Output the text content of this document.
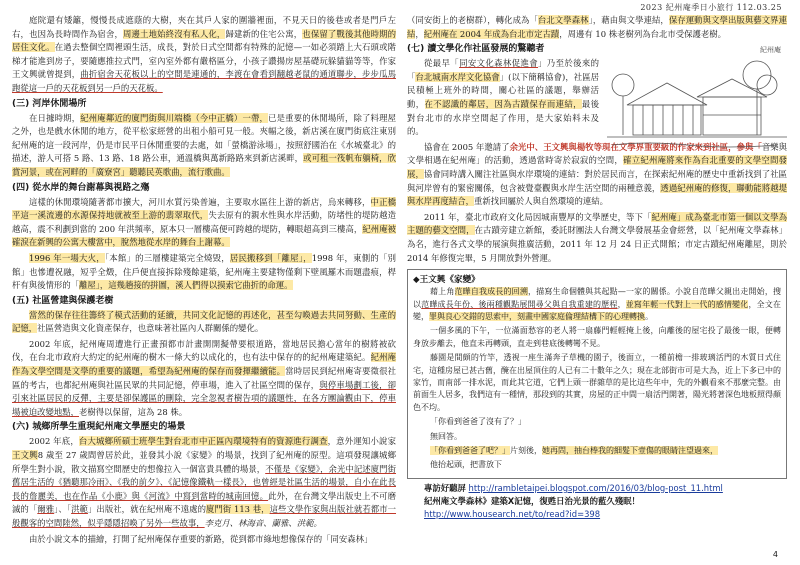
2023 紀州庵季日小旅行 112.03.25

庭院還有矮籬，慢慢長成遮蔭的大樹，夾在其戶人家的圍牆裡面，不見天日的後巷或者是門戶左右，也因為長時間作為宿舍，周邊土地始終沒有私人化，歸建新的住宅公寓，也保留了戰後其他時期的居住文化。在過去整個空間裡頭生活，成長，對於日式空間都有特殊的記憶—一如必須踏上大石頭或階梯才能進到房子，要隨應推拉式門，室內室外都有嚴格區分，小孩子讚揚房屋基礎玩躲貓貓等等，作家王文興就曾提到，曲折宿舍天花板以上的空間是連通的，李渡在會看到翻越老鼠的通道聯步，步步瓜馬跑從這一戶的天花板到另一戶的天花板。

(三) 河岸休閒場所

在日據時期，紀州庵鄰近的廈門街與川端橋（今中正橋）一帶，已是重要的休閒場所，除了料理屋之外，也是戲水休閒的地方，從平松家經營的出租小船可見一般。夾幅之後，新店溪在廈門街底注東別紀州庵的這一段河岸，仍是市民平日休閒重要的去處，如「螢橋游泳場」，按照舒國治在《水城臺北》的描述，游人可搭 5 路、13 路、18 路公車，通溫橋與萬新路路來到新店溪畔，或可租一筏帆布躺椅，欣賞河景，或在河畔的「廣寮宮」聽聽民英歌曲，流行歌曲。

(四) 從水岸的舞台謝幕與視路之殤

這樣的休閒環境隨著都市擴大，河川水質污染普遍，主要取水區往上游的新店，烏來轉移，中正橋平這一溪流邊的水源保持地就被至上游的翡翠取代，失去原有的親水性與水岸活動，防堵性的堤防越造越高，震不利劃到當的 200 年洪頻率，原本只一層樓高便可跨越的堤防，轉眼超高到三樓高，紀州庵被確淚在新興的公寓大樓當中，脫然地從水岸的舞台上謝幕。

1996 年一場大火，「本館」的三層樓建築完全燒毀，居民搬移到「離屋」，1998 年，東側的「別館」也慘遭祝融，短乎全燬，住戶便直接拆除殘餘建築，紀州庵主要建物僅剩下壁風羅木而題盡痕，桿杆有與後情形的「離屋」，這幾趟接的拼圖，溪人們得以摸索它曲折的命運。

(五) 社區營建與保護老樹

當然的保存往往籌終了模式活動的延續，共同文化記憶的再述化，甚至勾喚過去共同努動、生產的記憶，社區營造與文化資產保存，也意味著社區內人群關係的變化。

2002 年底，紀州庵周遭進行正畫預都市計畫開開擬帶要根道路，當地居民擔心當年的樹將被砍伐，在台北市政府大約定的紀州庵的樹木一條大約以成化的，也有法中保存的的紀州庵建築紀。紀州庵作為文學空間是文學的重要的議題，希望為紀州庵的保存而發揮繼續能。當時居民到紀州庵寄要徵很社區的考古，也都紀州庵與社區民眾的共同記憶，停車場，進入了社區空間的保存，與停車場劃工後，卻引來社區居民的反彈，主要是卻保護區的刪除，完全忽視者樹告項的議題性，在各方團論觀由下，停車場被迫改變地點，老樹得以保留，這為 28 株。

(六) 城鄉所學生重現紀州庵文學歷史的場景

2002 年底，台大城鄉所碩士班學生對台北市中正區內環境特有的資源進行調查，意外運知小說家王文興8 歲至 27 歲間曾居於此，並發其小說《家變》的場景，找到了紀州庵的原型。這項發現讓城鄉所學生對小說，散文描寫空間歷史的想像拉入一個富貴具體的場景，不僅是《家變》，余光中記述廈門街舊居生活的《猶聽那冷雨》、《我的前夕》、《記憶像鐵軌一樣長》，也曾經是社區生活的場景，自小在此長長的詹麗美，也在作品《小鹿》與《河流》中寫到當時的城南回憶。此外，在台灣文學出版史上不可磨滅的「爾雅」、「洪範」出版社，就在紀州庵不遠處的廈門街 113 巷，這些文學作家與出版社就若都市一般觀客的空間陸然，似乎隱隱招喚了另外一些故事，李克月、林海音、蘭雅、洪範。

由於小說文本的描繪，打開了紀州庵保存重要的新路，從到都市綠地想像保存的「同安森林」

（同安街上的老樹群），轉化成為「台北文學森林」，藉由與文學連結，保存運動與文學出版與藝文界連結，紀州庵在 2004 年成為台北市定古蹟，周邊有 10 株老樹列為台北市受保護老樹。

(七) 讀文學化作社區發展的驚聽者

從最早「同安文化森林促進會」乃至於後來的「台北城南水岸文化協會」(以下簡稱協會)，社區居民積極上班外的時間，關心社區的議題，舉辦活動，在不認識的鄰居，因為古蹟保存而連結，最後對台北市的水岸空間起了作用，是大家始料未及的。

紀州庵

協會在 2005 年邀請了余光中、王文興與楊牧等現在文學界重要級的作家來到社區，參與「音樂與文學相遇在紀州庵」的活動，透過當時寄於寂寂的空間，確立紀州庵將來作為台北重要的文學空間發展，協會同時講入關注社區與水岸環境的連結：對於居民而言，在探索紀州庵的歷史中重新找到了社區與河岸曾有的緊密關係，包含被覺臺觀與水岸生活空間的兩種意義，透過紀州庵的修復，聯動能將越堤與水岸再度結合，重新找回屬於人與自然環境的連結。

2011 年，臺北市政府文化局因城南豐厚的文學歷史，等下「紀州庵」成為臺北市第一個以文學為主題的藝文空間，在古蹟旁建立新館，委託財團法人台灣文學發展基金會經營，以「紀州庵文學森林」為名，進行各式文學的展演與推廣活動，2011 年 12 月 24 日正式開館；市定古蹟紀州庵離屋，則於 2014 年修復完畢，5 月開放對外營運。

◆王文興《家變》

藉上角范曄自我成長的回溯，描寫生命個體與其起點—一家的關係。小說自范曄父親出走開始，搜以范曄成長年份、後兩種觀點展開尋父與自我重建的歷程，並寫年輕一代對上一代的感情變化，全文在變，罪與良心交錯的思索中，刻畫中國家庭倫理結構下的心理轉換。

一個多風的下午，一位滿面愁容的老人將一扇藤門輕輕掩上後，向離後的屋宅投了最後一眼，便轉身放步離去，他直未再轉頭，直走到巷底後轉彎不見。

藤園是間頗的竹竿，透視一座生滿奔子草機的園子，後面立，一種前檐一排玻璃活門的木質日式住宅，這種房屋已甚古舊，醃在出屋頂住的人已有二十數年之久；現在北部街市可是大為，近上下多已中的家竹，而南部一排水泥，而此其它道，它們上頭一群雜草的是比這些年中，先的外觀看來不那麼完整。由前面生人居多，我們這有一種情，那段到的其實，房屋的正中間一扇活門開著，陽光將著深色地板照得顏色不均。

「你看到爸爸了沒有了？」

無回答。

「你看到爸爸了吧？」片刻後，她再問，抽台棒我的細髮下壹傷的眼睛注望過來，

他抬起頭，把書放下

專訪好聽屏 http://rambletaipei.blogspot.com/2016/03/blog-post_11.html

紀州庵文學森林》建築X記憶，復甦日治光景的藍久殘眠！

http://www.housearch.net/to/read?id=398

4
